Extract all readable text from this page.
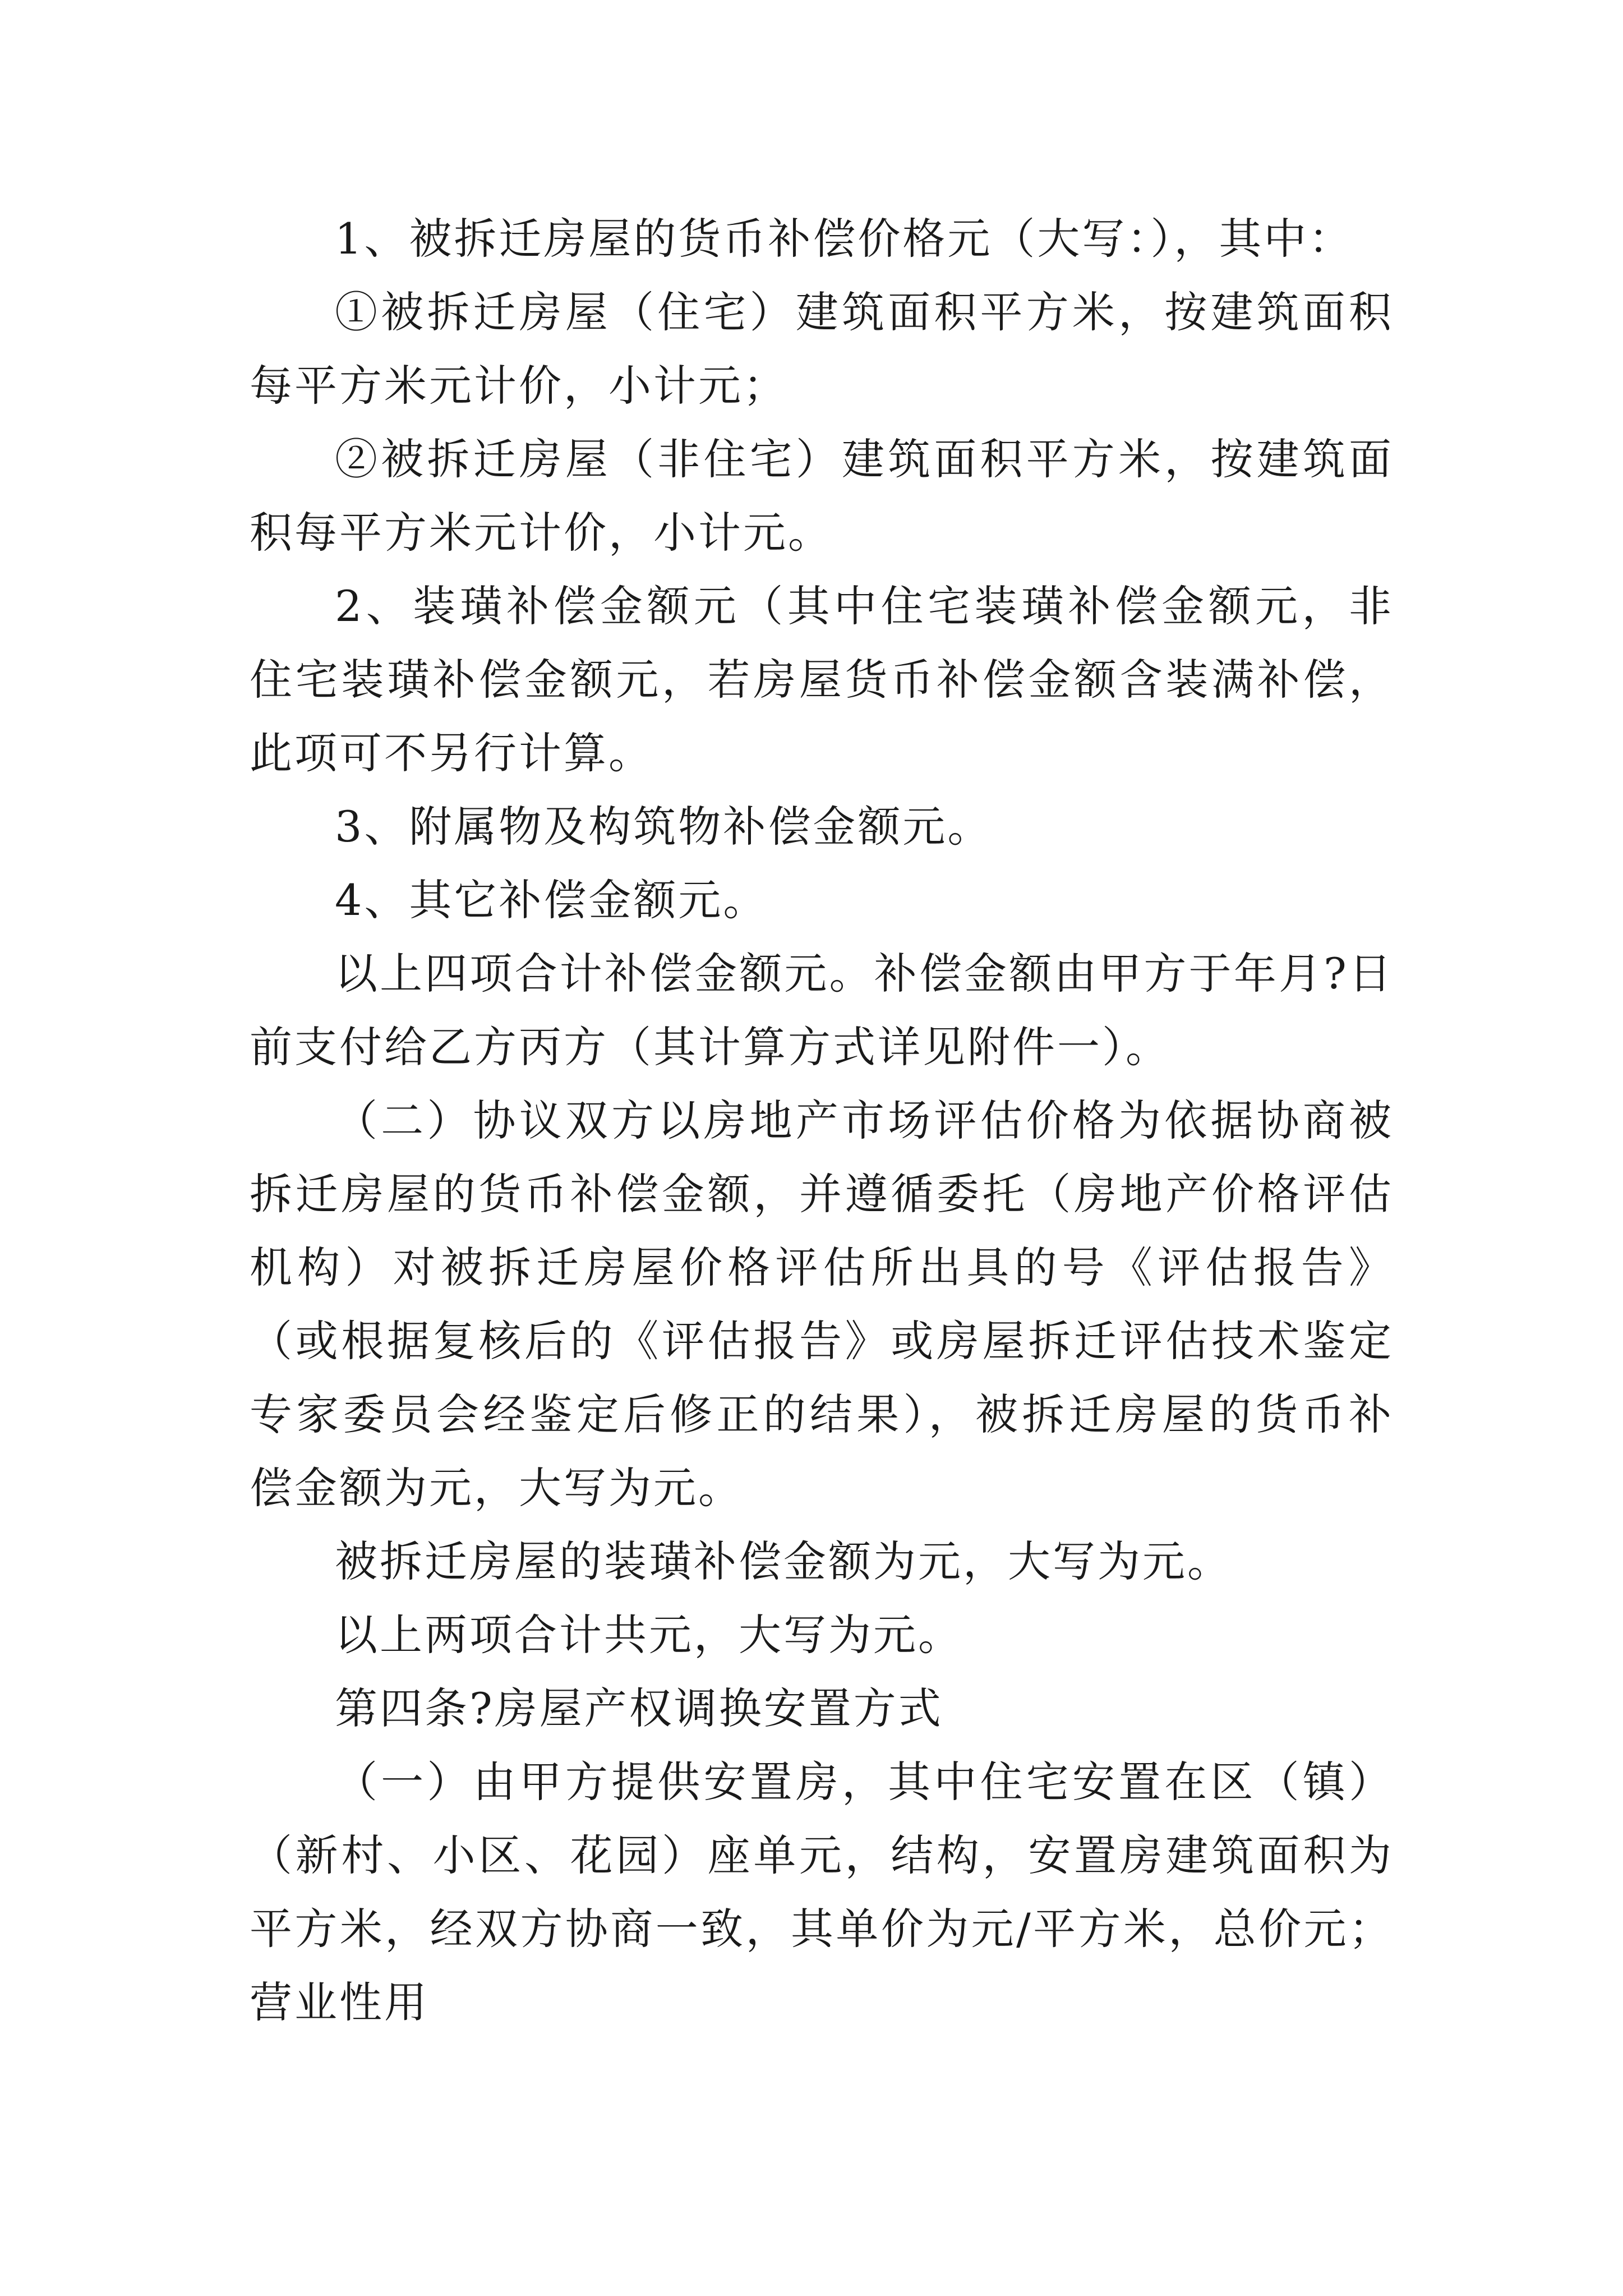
1、被拆迁房屋的货币补偿价格元（大写：），其中：

①被拆迁房屋（住宅）建筑面积平方米，按建筑面积每平方米元计价，小计元；

②被拆迁房屋（非住宅）建筑面积平方米，按建筑面积每平方米元计价，小计元。

2、装璜补偿金额元（其中住宅装璜补偿金额元，非住宅装璜补偿金额元，若房屋货币补偿金额含装满补偿，此项可不另行计算。

3、附属物及构筑物补偿金额元。

4、其它补偿金额元。

以上四项合计补偿金额元。补偿金额由甲方于年月?日前支付给乙方丙方（其计算方式详见附件一）。

（二）协议双方以房地产市场评估价格为依据协商被拆迁房屋的货币补偿金额，并遵循委托（房地产价格评估机构）对被拆迁房屋价格评估所出具的号《评估报告》（或根据复核后的《评估报告》或房屋拆迁评估技术鉴定专家委员会经鉴定后修正的结果），被拆迁房屋的货币补偿金额为元，大写为元。

被拆迁房屋的装璜补偿金额为元，大写为元。

以上两项合计共元，大写为元。

第四条?房屋产权调换安置方式

（一）由甲方提供安置房，其中住宅安置在区（镇）（新村、小区、花园）座单元，结构，安置房建筑面积为平方米，经双方协商一致，其单价为元/平方米，总价元；营业性用
